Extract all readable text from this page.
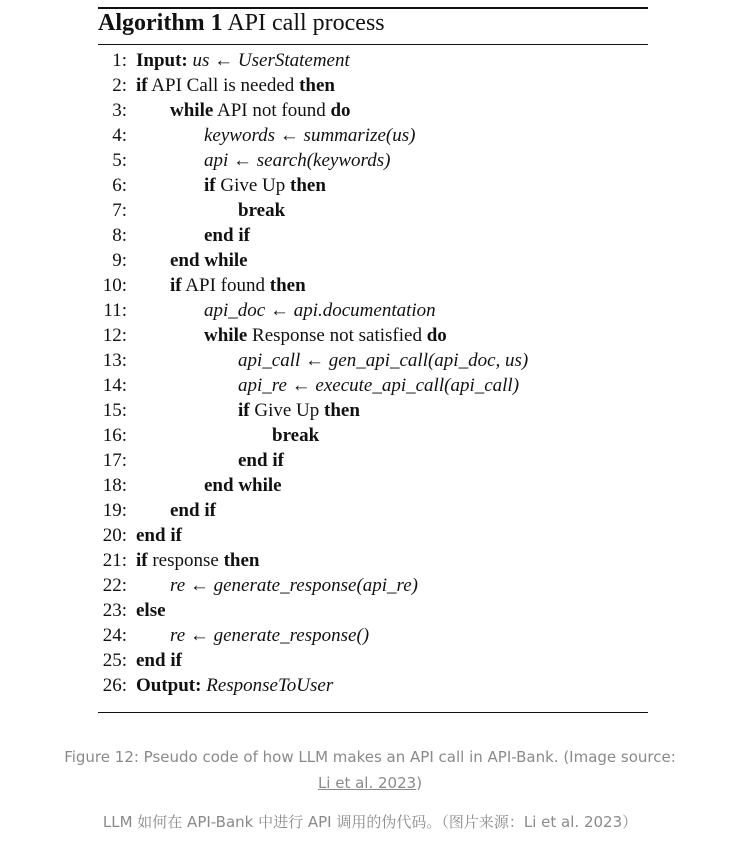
Algorithm 1 API call process
1: Input: us ← UserStatement
2: if API Call is needed then
3: while API not found do
4:	keywords ← summarize(us)
5:	api ← search(keywords)
6:	if Give Up then
7:	break
8:	end if
9: end while
10: if API found then
11:	api_doc ← api.documentation
12:	while Response not satisfied do
13:	api_call ← gen_api_call(api_doc, us)
14:	api_re ← execute_api_call(api_call)
15:	if Give Up then
16:	break
17:	end if
18:	end while
19: end if
20: end if
21: if response then
22: re ← generate_response(api_re)
23: else
24: re ← generate_response()
25: end if
26: Output: ResponseToUser
Figure 12: Pseudo code of how LLM makes an API call in API-Bank. (Image source:
Li et al. 2023)
LLM 如何在 API-Bank 中进行 API 调用的伪代码。（图片来源：Li et al. 2023）
